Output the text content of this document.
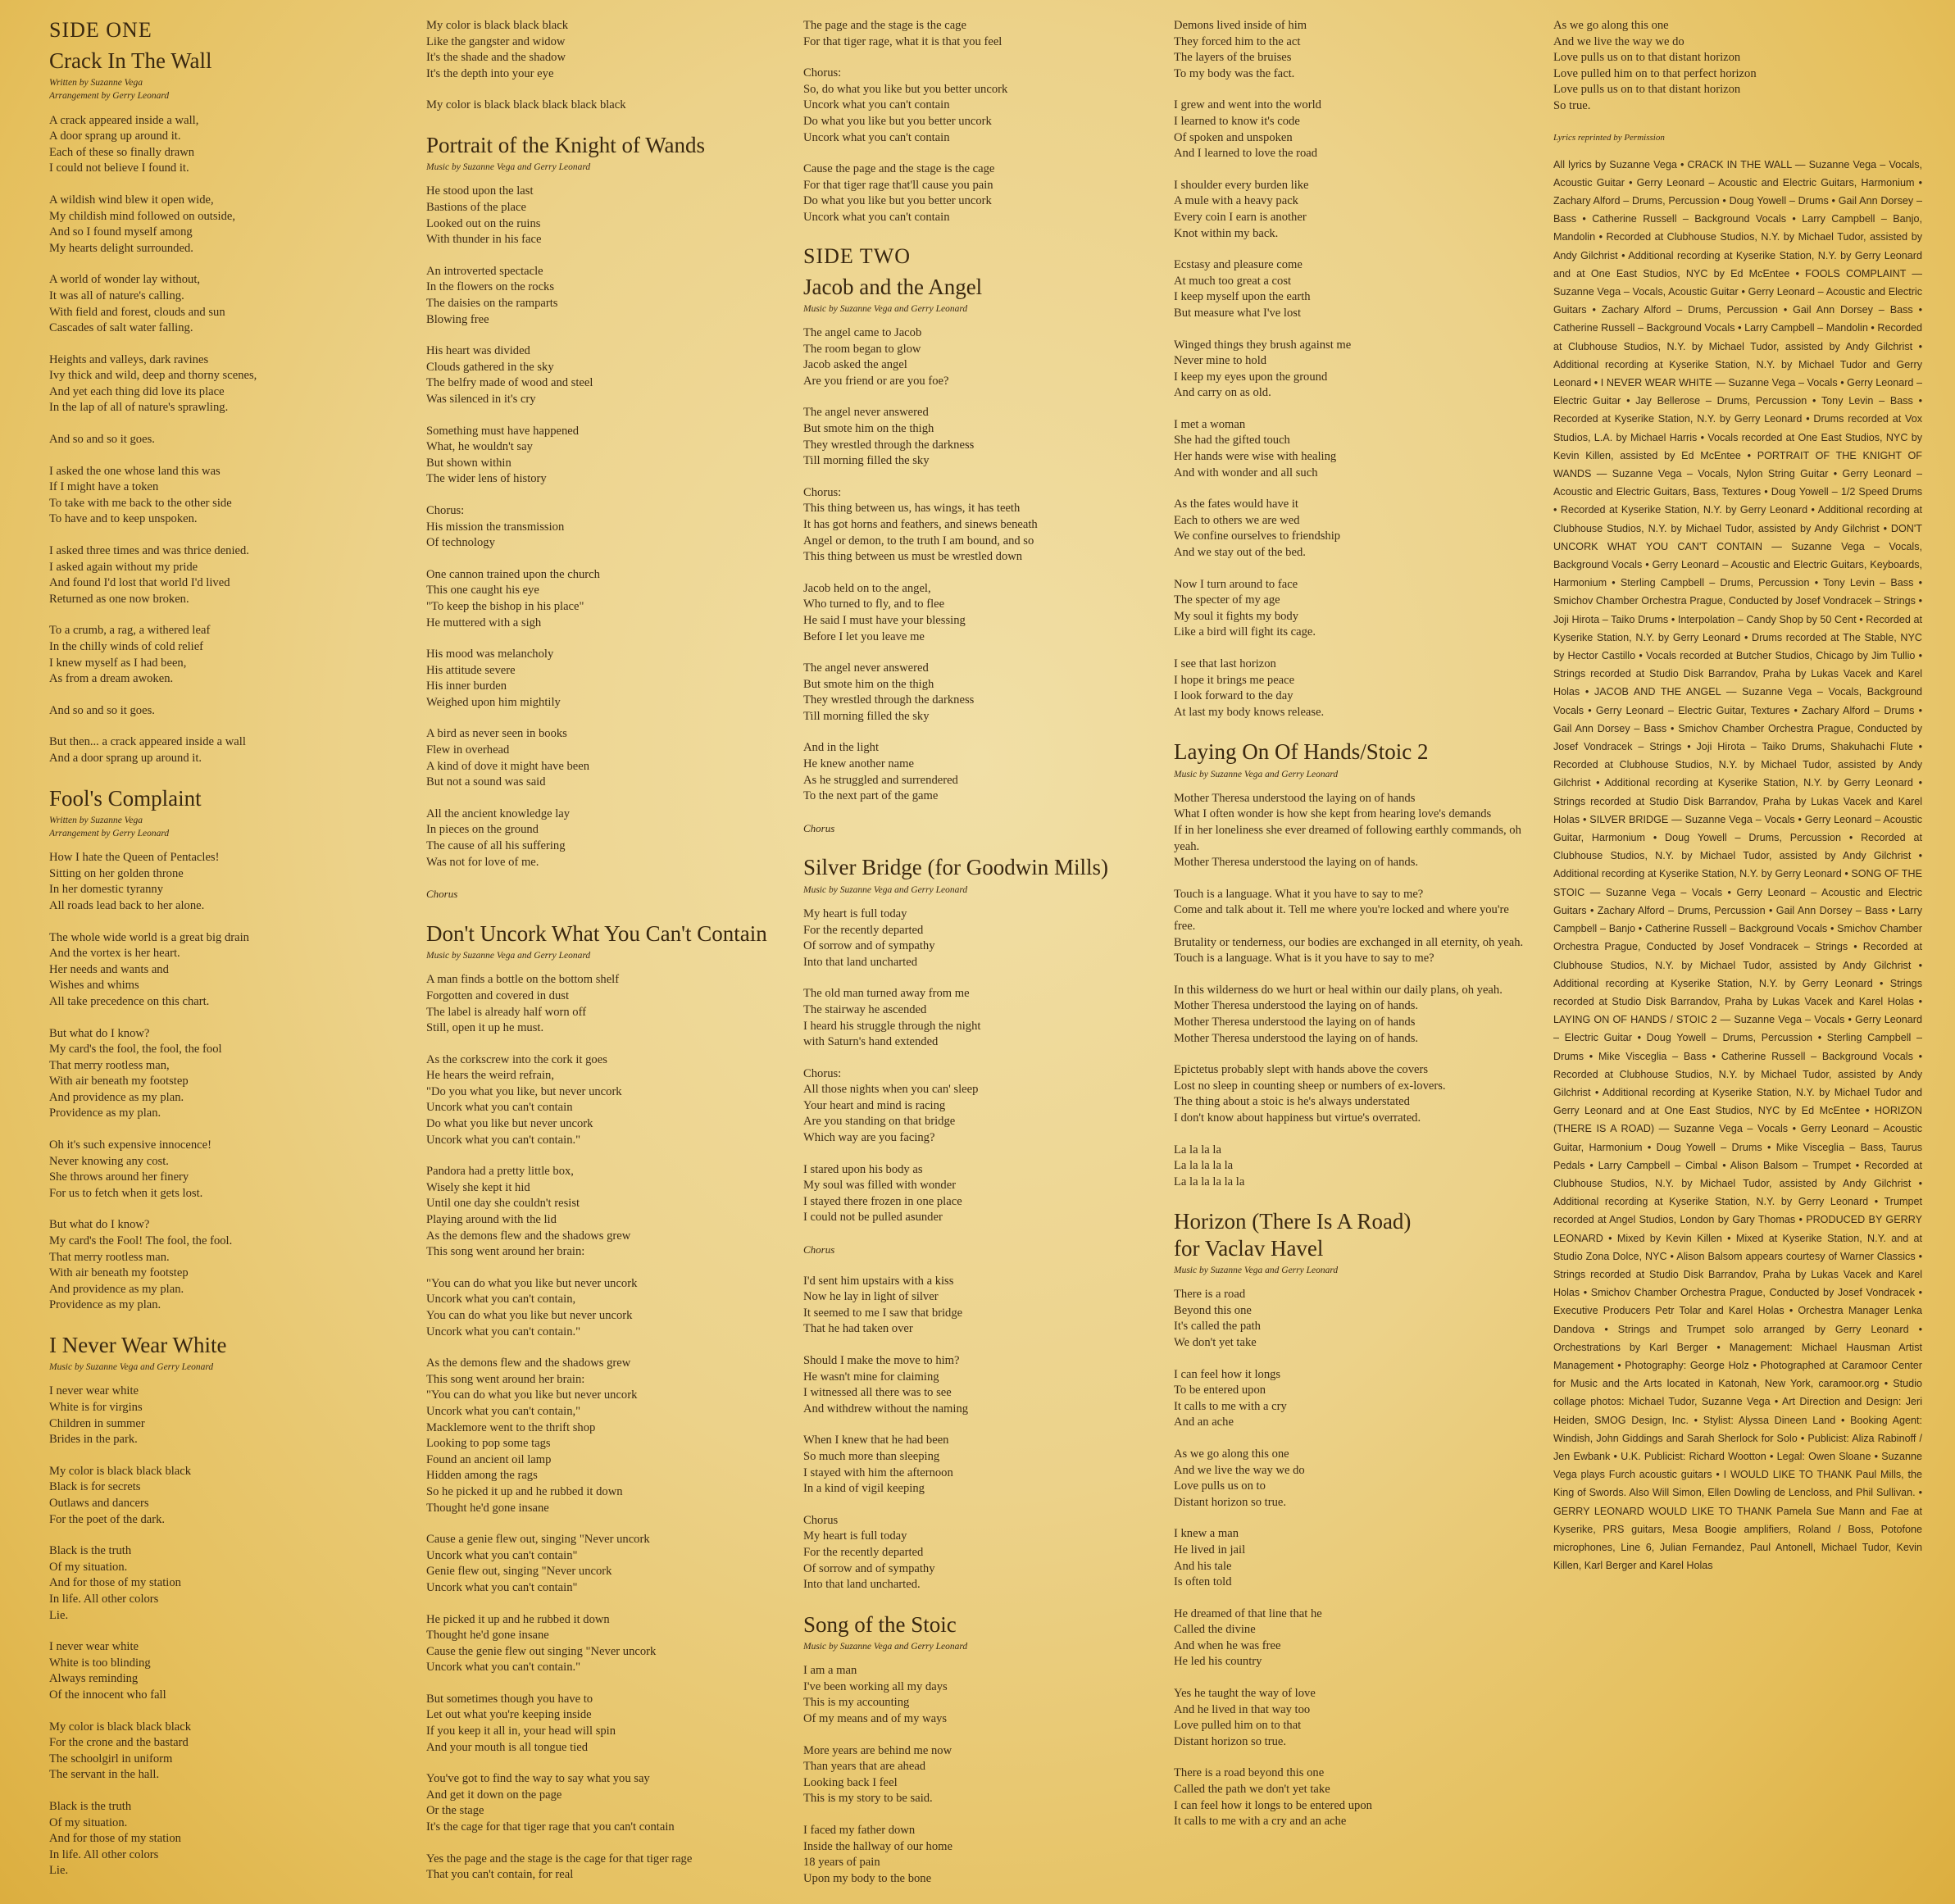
SIDE ONE
Crack In The Wall
Written by Suzanne Vega
Arrangement by Gerry Leonard
A crack appeared inside a wall,
A door sprang up around it.
Each of these so finally drawn
I could not believe I found it.
A wildish wind blew it open wide,
My childish mind followed on outside,
And so I found myself among
My hearts delight surrounded.
A world of wonder lay without,
It was all of nature's calling.
With field and forest, clouds and sun
Cascades of salt water falling.
Heights and valleys, dark ravines
Ivy thick and wild, deep and thorny scenes,
And yet each thing did love its place
In the lap of all of nature's sprawling.
And so and so it goes.
I asked the one whose land this was
If I might have a token
To take with me back to the other side
To have and to keep unspoken.
I asked three times and was thrice denied.
I asked again without my pride
And found I'd lost that world I'd lived
Returned as one now broken.
To a crumb, a rag, a withered leaf
In the chilly winds of cold relief
I knew myself as I had been,
As from a dream awoken.
And so and so it goes.
But then... a crack appeared inside a wall
And a door sprang up around it.
Fool's Complaint
Written by Suzanne Vega
Arrangement by Gerry Leonard
How I hate the Queen of Pentacles!
Sitting on her golden throne
In her domestic tyranny
All roads lead back to her alone.
The whole wide world is a great big drain
And the vortex is her heart.
Her needs and wants and
Wishes and whims
All take precedence on this chart.
But what do I know?
My card's the fool, the fool, the fool
That merry rootless man,
With air beneath my footstep
And providence as my plan.
Providence as my plan.
Oh it's such expensive innocence!
Never knowing any cost.
She throws around her finery
For us to fetch when it gets lost.
But what do I know?
My card's the Fool! The fool, the fool.
That merry rootless man.
With air beneath my footstep
And providence as my plan.
Providence as my plan.
I Never Wear White
Music by Suzanne Vega and Gerry Leonard
I never wear white
White is for virgins
Children in summer
Brides in the park.
My color is black black black
Black is for secrets
Outlaws and dancers
For the poet of the dark.
Black is the truth
Of my situation.
And for those of my station
In life. All other colors
Lie.
I never wear white
White is too blinding
Always reminding
Of the innocent who fall
My color is black black black
For the crone and the bastard
The schoolgirl in uniform
The servant in the hall.
Black is the truth
Of my situation.
And for those of my station
In life. All other colors
Lie.
My color is black black black
Like the gangster and widow
It's the shade and the shadow
It's the depth into your eye
My color is black black black black black
Portrait of the Knight of Wands
Music by Suzanne Vega and Gerry Leonard
He stood upon the last
Bastions of the place
Looked out on the ruins
With thunder in his face
An introverted spectacle
In the flowers on the rocks
The daisies on the ramparts
Blowing free
His heart was divided
Clouds gathered in the sky
The belfry made of wood and steel
Was silenced in it's cry
Something must have happened
What, he wouldn't say
But shown within
The wider lens of history
Chorus:
His mission the transmission
Of technology
One cannon trained upon the church
This one caught his eye
"To keep the bishop in his place"
He muttered with a sigh
His mood was melancholy
His attitude severe
His inner burden
Weighed upon him mightily
A bird as never seen in books
Flew in overhead
A kind of dove it might have been
But not a sound was said
All the ancient knowledge lay
In pieces on the ground
The cause of all his suffering
Was not for love of me.
Chorus
Don't Uncork What You Can't Contain
Music by Suzanne Vega and Gerry Leonard
A man finds a bottle on the bottom shelf
Forgotten and covered in dust
The label is already half worn off
Still, open it up he must.
As the corkscrew into the cork it goes
He hears the weird refrain,
"Do you what you like, but never uncork
Uncork what you can't contain
Do what you like but never uncork
Uncork what you can't contain."
Pandora had a pretty little box,
Wisely she kept it hid
Until one day she couldn't resist
Playing around with the lid
As the demons flew and the shadows grew
This song went around her brain:
"You can do what you like but never uncork
Uncork what you can't contain,
You can do what you like but never uncork
Uncork what you can't contain."
As the demons flew and the shadows grew
This song went around her brain:
"You can do what you like but never uncork
Uncork what you can't contain,"
Macklemore went to the thrift shop
Looking to pop some tags
Found an ancient oil lamp
Hidden among the rags
So he picked it up and he rubbed it down
Thought he'd gone insane
Cause a genie flew out, singing "Never uncork
Uncork what you can't contain"
Genie flew out, singing "Never uncork
Uncork what you can't contain"
He picked it up and he rubbed it down
Thought he'd gone insane
Cause the genie flew out singing "Never uncork
Uncork what you can't contain."
But sometimes though you have to
Let out what you're keeping inside
If you keep it all in, your head will spin
And your mouth is all tongue tied
You've got to find the way to say what you say
And get it down on the page
Or the stage
It's the cage for that tiger rage that you can't contain
Yes the page and the stage is the cage for that tiger rage
That you can't contain, for real
The page and the stage is the cage
For that tiger rage, what it is that you feel
Chorus:
So, do what you like but you better uncork
Uncork what you can't contain
Do what you like but you better uncork
Uncork what you can't contain
Cause the page and the stage is the cage
For that tiger rage that'll cause you pain
Do what you like but you better uncork
Uncork what you can't contain
SIDE TWO
Jacob and the Angel
Music by Suzanne Vega and Gerry Leonard
The angel came to Jacob
The room began to glow
Jacob asked the angel
Are you friend or are you foe?
The angel never answered
But smote him on the thigh
They wrestled through the darkness
Till morning filled the sky
Chorus:
This thing between us, has wings, it has teeth
It has got horns and feathers, and sinews beneath
Angel or demon, to the truth I am bound, and so
This thing between us must be wrestled down
Jacob held on to the angel,
Who turned to fly, and to flee
He said I must have your blessing
Before I let you leave me
The angel never answered
But smote him on the thigh
They wrestled through the darkness
Till morning filled the sky
And in the light
He knew another name
As he struggled and surrendered
To the next part of the game
Chorus
Silver Bridge (for Goodwin Mills)
Music by Suzanne Vega and Gerry Leonard
My heart is full today
For the recently departed
Of sorrow and of sympathy
Into that land uncharted
The old man turned away from me
The stairway he ascended
I heard his struggle through the night
with Saturn's hand extended
Chorus:
All those nights when you can' sleep
Your heart and mind is racing
Are you standing on that bridge
Which way are you facing?
I stared upon his body as
My soul was filled with wonder
I stayed there frozen in one place
I could not be pulled asunder
Chorus
I'd sent him upstairs with a kiss
Now he lay in light of silver
It seemed to me I saw that bridge
That he had taken over
Should I make the move to him?
He wasn't mine for claiming
I witnessed all there was to see
And withdrew without the naming
When I knew that he had been
So much more than sleeping
I stayed with him the afternoon
In a kind of vigil keeping
Chorus
My heart is full today
For the recently departed
Of sorrow and of sympathy
Into that land uncharted.
Song of the Stoic
Music by Suzanne Vega and Gerry Leonard
I am a man
I've been working all my days
This is my accounting
Of my means and of my ways
More years are behind me now
Than years that are ahead
Looking back I feel
This is my story to be said.
I faced my father down
Inside the hallway of our home
18 years of pain
Upon my body to the bone
Demons lived inside of him
They forced him to the act
The layers of the bruises
To my body was the fact.
I grew and went into the world
I learned to know it's code
Of spoken and unspoken
And I learned to love the road
I shoulder every burden like
A mule with a heavy pack
Every coin I earn is another
Knot within my back.
Ecstasy and pleasure come
At much too great a cost
I keep myself upon the earth
But measure what I've lost
Winged things they brush against me
Never mine to hold
I keep my eyes upon the ground
And carry on as old.
I met a woman
She had the gifted touch
Her hands were wise with healing
And with wonder and all such
As the fates would have it
Each to others we are wed
We confine ourselves to friendship
And we stay out of the bed.
Now I turn around to face
The specter of my age
My soul it fights my body
Like a bird will fight its cage.
I see that last horizon
I hope it brings me peace
I look forward to the day
At last my body knows release.
Laying On Of Hands/Stoic 2
Music by Suzanne Vega and Gerry Leonard
Mother Theresa understood the laying on of hands
What I often wonder is how she kept from hearing love's demands
If in her loneliness she ever dreamed of following earthly commands, oh yeah.
Mother Theresa understood the laying on of hands.
Touch is a language. What it you have to say to me?
Come and talk about it. Tell me where you're locked and where you're free.
Brutality or tenderness, our bodies are exchanged in all eternity, oh yeah.
Touch is a language. What is it you have to say to me?
In this wilderness do we hurt or heal within our daily plans, oh yeah.
Mother Theresa understood the laying on of hands.
Mother Theresa understood the laying on of hands
Mother Theresa understood the laying on of hands.
Epictetus probably slept with hands above the covers
Lost no sleep in counting sheep or numbers of ex-lovers.
The thing about a stoic is he's always understated
I don't know about happiness but virtue's overrated.
La la la la
La la la la la
La la la la la la
Horizon (There Is A Road)
for Vaclav Havel
Music by Suzanne Vega and Gerry Leonard
There is a road
Beyond this one
It's called the path
We don't yet take
I can feel how it longs
To be entered upon
It calls to me with a cry
And an ache
As we go along this one
And we live the way we do
Love pulls us on to
Distant horizon so true.
I knew a man
He lived in jail
And his tale
Is often told
He dreamed of that line that he
Called the divine
And when he was free
He led his country
Yes he taught the way of love
And he lived in that way too
Love pulled him on to that
Distant horizon so true.
There is a road beyond this one
Called the path we don't yet take
I can feel how it longs to be entered upon
It calls to me with a cry and an ache
As we go along this one
And we live the way we do
Love pulls us on to that distant horizon
Love pulled him on to that perfect horizon
Love pulls us on to that distant horizon
So true.
Lyrics reprinted by Permission
All lyrics by Suzanne Vega • CRACK IN THE WALL — Suzanne Vega – Vocals, Acoustic Guitar • Gerry Leonard – Acoustic and Electric Guitars, Harmonium • Zachary Alford – Drums, Percussion • Doug Yowell – Drums • Gail Ann Dorsey – Bass • Catherine Russell – Background Vocals • Larry Campbell – Banjo, Mandolin • Recorded at Clubhouse Studios, N.Y. by Michael Tudor, assisted by Andy Gilchrist • Additional recording at Kyserike Station, N.Y. by Gerry Leonard and at One East Studios, NYC by Ed McEntee • FOOLS COMPLAINT — Suzanne Vega – Vocals, Acoustic Guitar • Gerry Leonard – Acoustic and Electric Guitars • Zachary Alford – Drums, Percussion • Gail Ann Dorsey – Bass • Catherine Russell – Background Vocals • Larry Campbell – Mandolin • Recorded at Clubhouse Studios, N.Y. by Michael Tudor, assisted by Andy Gilchrist • Additional recording at Kyserike Station, N.Y. by Michael Tudor and Gerry Leonard • I NEVER WEAR WHITE — Suzanne Vega – Vocals • Gerry Leonard – Electric Guitar • Jay Bellerose – Drums, Percussion • Tony Levin – Bass • Recorded at Kyserike Station, N.Y. by Gerry Leonard • Drums recorded at Vox Studios, L.A. by Michael Harris • Vocals recorded at One East Studios, NYC by Kevin Killen, assisted by Ed McEntee • PORTRAIT OF THE KNIGHT OF WANDS — Suzanne Vega – Vocals, Nylon String Guitar • Gerry Leonard – Acoustic and Electric Guitars, Bass, Textures • Doug Yowell – 1/2 Speed Drums • Recorded at Kyserike Station, N.Y. by Gerry Leonard • Additional recording at Clubhouse Studios, N.Y. by Michael Tudor, assisted by Andy Gilchrist • DON'T UNCORK WHAT YOU CAN'T CONTAIN — Suzanne Vega – Vocals, Background Vocals • Gerry Leonard – Acoustic and Electric Guitars, Keyboards, Harmonium • Sterling Campbell – Drums, Percussion • Tony Levin – Bass • Smichov Chamber Orchestra Prague, Conducted by Josef Vondracek – Strings • Joji Hirota – Taiko Drums • Interpolation – Candy Shop by 50 Cent • Recorded at Kyserike Station, N.Y. by Gerry Leonard • Drums recorded at The Stable, NYC by Hector Castillo • Vocals recorded at Butcher Studios, Chicago by Jim Tullio • Strings recorded at Studio Disk Barrandov, Praha by Lukas Vacek and Karel Holas • JACOB AND THE ANGEL — Suzanne Vega – Vocals, Background Vocals • Gerry Leonard – Electric Guitar, Textures • Zachary Alford – Drums • Gail Ann Dorsey – Bass • Smichov Chamber Orchestra Prague, Conducted by Josef Vondracek – Strings • Joji Hirota – Taiko Drums, Shakuhachi Flute • Recorded at Clubhouse Studios, N.Y. by Michael Tudor, assisted by Andy Gilchrist • Additional recording at Kyserike Station, N.Y. by Gerry Leonard • Strings recorded at Studio Disk Barrandov, Praha by Lukas Vacek and Karel Holas • SILVER BRIDGE — Suzanne Vega – Vocals • Gerry Leonard – Acoustic Guitar, Harmonium • Doug Yowell – Drums, Percussion • Recorded at Clubhouse Studios, N.Y. by Michael Tudor, assisted by Andy Gilchrist • Additional recording at Kyserike Station, N.Y. by Gerry Leonard • SONG OF THE STOIC — Suzanne Vega – Vocals • Gerry Leonard – Acoustic and Electric Guitars • Zachary Alford – Drums, Percussion • Gail Ann Dorsey – Bass • Larry Campbell – Banjo • Catherine Russell – Background Vocals • Smichov Chamber Orchestra Prague, Conducted by Josef Vondracek – Strings • Recorded at Clubhouse Studios, N.Y. by Michael Tudor, assisted by Andy Gilchrist • Additional recording at Kyserike Station, N.Y. by Gerry Leonard • Strings recorded at Studio Disk Barrandov, Praha by Lukas Vacek and Karel Holas • LAYING ON OF HANDS / STOIC 2 — Suzanne Vega – Vocals • Gerry Leonard – Electric Guitar • Doug Yowell – Drums, Percussion • Sterling Campbell – Drums • Mike Visceglia – Bass • Catherine Russell – Background Vocals • Recorded at Clubhouse Studios, N.Y. by Michael Tudor, assisted by Andy Gilchrist • Additional recording at Kyserike Station, N.Y. by Michael Tudor and Gerry Leonard and at One East Studios, NYC by Ed McEntee • HORIZON (THERE IS A ROAD) — Suzanne Vega – Vocals • Gerry Leonard – Acoustic Guitar, Harmonium • Doug Yowell – Drums • Mike Visceglia – Bass, Taurus Pedals • Larry Campbell – Cimbal • Alison Balsom – Trumpet • Recorded at Clubhouse Studios, N.Y. by Michael Tudor, assisted by Andy Gilchrist • Additional recording at Kyserike Station, N.Y. by Gerry Leonard • Trumpet recorded at Angel Studios, London by Gary Thomas • PRODUCED BY GERRY LEONARD • Mixed by Kevin Killen • Mixed at Kyserike Station, N.Y. and at Studio Zona Dolce, NYC • Alison Balsom appears courtesy of Warner Classics • Strings recorded at Studio Disk Barrandov, Praha by Lukas Vacek and Karel Holas • Smichov Chamber Orchestra Prague, Conducted by Josef Vondracek • Executive Producers Petr Tolar and Karel Holas • Orchestra Manager Lenka Dandova • Strings and Trumpet solo arranged by Gerry Leonard • Orchestrations by Karl Berger • Management: Michael Hausman Artist Management • Photography: George Holz • Photographed at Caramoor Center for Music and the Arts located in Katonah, New York, caramoor.org • Studio collage photos: Michael Tudor, Suzanne Vega • Art Direction and Design: Jeri Heiden, SMOG Design, Inc. • Stylist: Alyssa Dineen Land • Booking Agent: Windish, John Giddings and Sarah Sherlock for Solo • Publicist: Aliza Rabinoff / Jen Ewbank • U.K. Publicist: Richard Wootton • Legal: Owen Sloane • Suzanne Vega plays Furch acoustic guitars • I WOULD LIKE TO THANK Paul Mills, the King of Swords. Also Will Simon, Ellen Dowling de Lencloss, and Phil Sullivan. • GERRY LEONARD WOULD LIKE TO THANK Pamela Sue Mann and Fae at Kyserike, PRS guitars, Mesa Boogie amplifiers, Roland / Boss, Potofone microphones, Line 6, Julian Fernandez, Paul Antonell, Michael Tudor, Kevin Killen, Karl Berger and Karel Holas
